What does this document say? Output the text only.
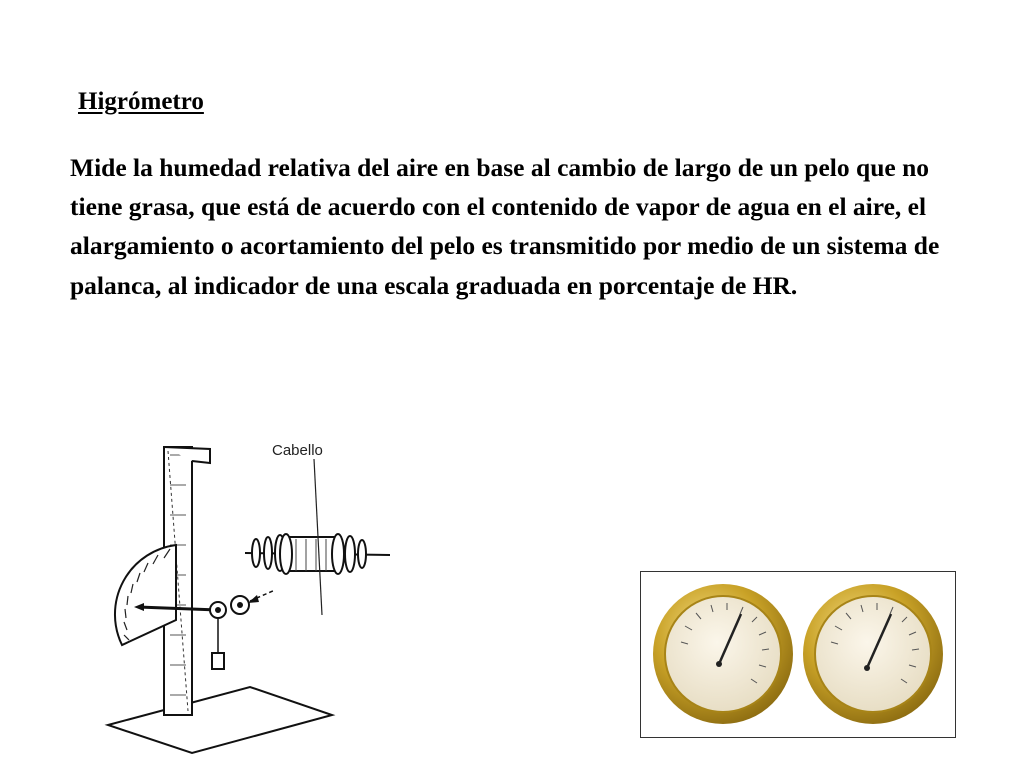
Higrómetro

Mide la humedad relativa del aire en base al cambio de largo de un pelo que no tiene grasa, que está de acuerdo con el contenido de vapor de agua en el aire, el alargamiento o acortamiento del pelo es transmitido por medio de un sistema de palanca, al indicador de una escala graduada en porcentaje de HR.

Cabello
